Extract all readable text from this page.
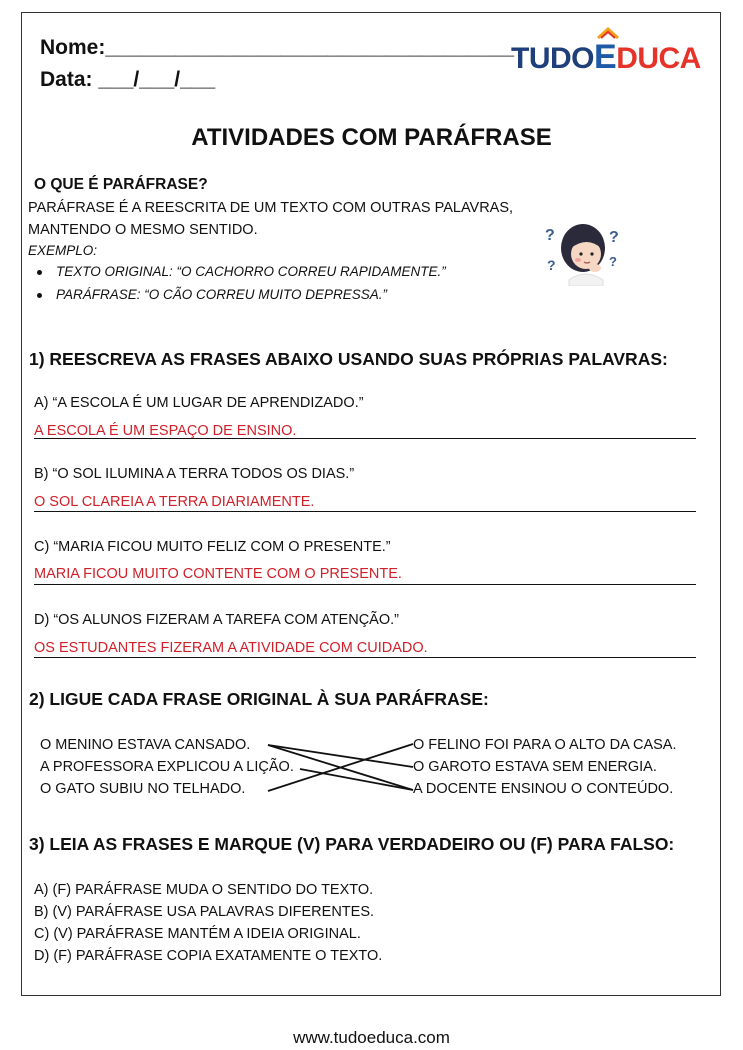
Nome:___________________________________
Data: ___/___/___
TUDOEDUCA
ATIVIDADES COM PARÁFRASE
O QUE É PARÁFRASE?
PARÁFRASE É A REESCRITA DE UM TEXTO COM OUTRAS PALAVRAS,
MANTENDO O MESMO SENTIDO.
EXEMPLO:
TEXTO ORIGINAL: “O CACHORRO CORREU RAPIDAMENTE.”
PARÁFRASE: “O CÃO CORREU MUITO DEPRESSA.”
?
?
?
?
1) REESCREVA AS FRASES ABAIXO USANDO SUAS PRÓPRIAS PALAVRAS:
A) “A ESCOLA É UM LUGAR DE APRENDIZADO.”
A ESCOLA É UM ESPAÇO DE ENSINO.
B) “O SOL ILUMINA A TERRA TODOS OS DIAS.”
O SOL CLAREIA A TERRA DIARIAMENTE.
C) “MARIA FICOU MUITO FELIZ COM O PRESENTE.”
MARIA FICOU MUITO CONTENTE COM O PRESENTE.
D) “OS ALUNOS FIZERAM A TAREFA COM ATENÇÃO.”
OS ESTUDANTES FIZERAM A ATIVIDADE COM CUIDADO.
2) LIGUE CADA FRASE ORIGINAL À SUA PARÁFRASE:
O MENINO ESTAVA CANSADO.
A PROFESSORA EXPLICOU A LIÇÃO.
O GATO SUBIU NO TELHADO.
O FELINO FOI PARA O ALTO DA CASA.
O GAROTO ESTAVA SEM ENERGIA.
A DOCENTE ENSINOU O CONTEÚDO.
3) LEIA AS FRASES E MARQUE (V) PARA VERDADEIRO OU (F) PARA FALSO:
A) (F) PARÁFRASE MUDA O SENTIDO DO TEXTO.
B) (V) PARÁFRASE USA PALAVRAS DIFERENTES.
C) (V) PARÁFRASE MANTÉM A IDEIA ORIGINAL.
D) (F) PARÁFRASE COPIA EXATAMENTE O TEXTO.
www.tudoeduca.com
